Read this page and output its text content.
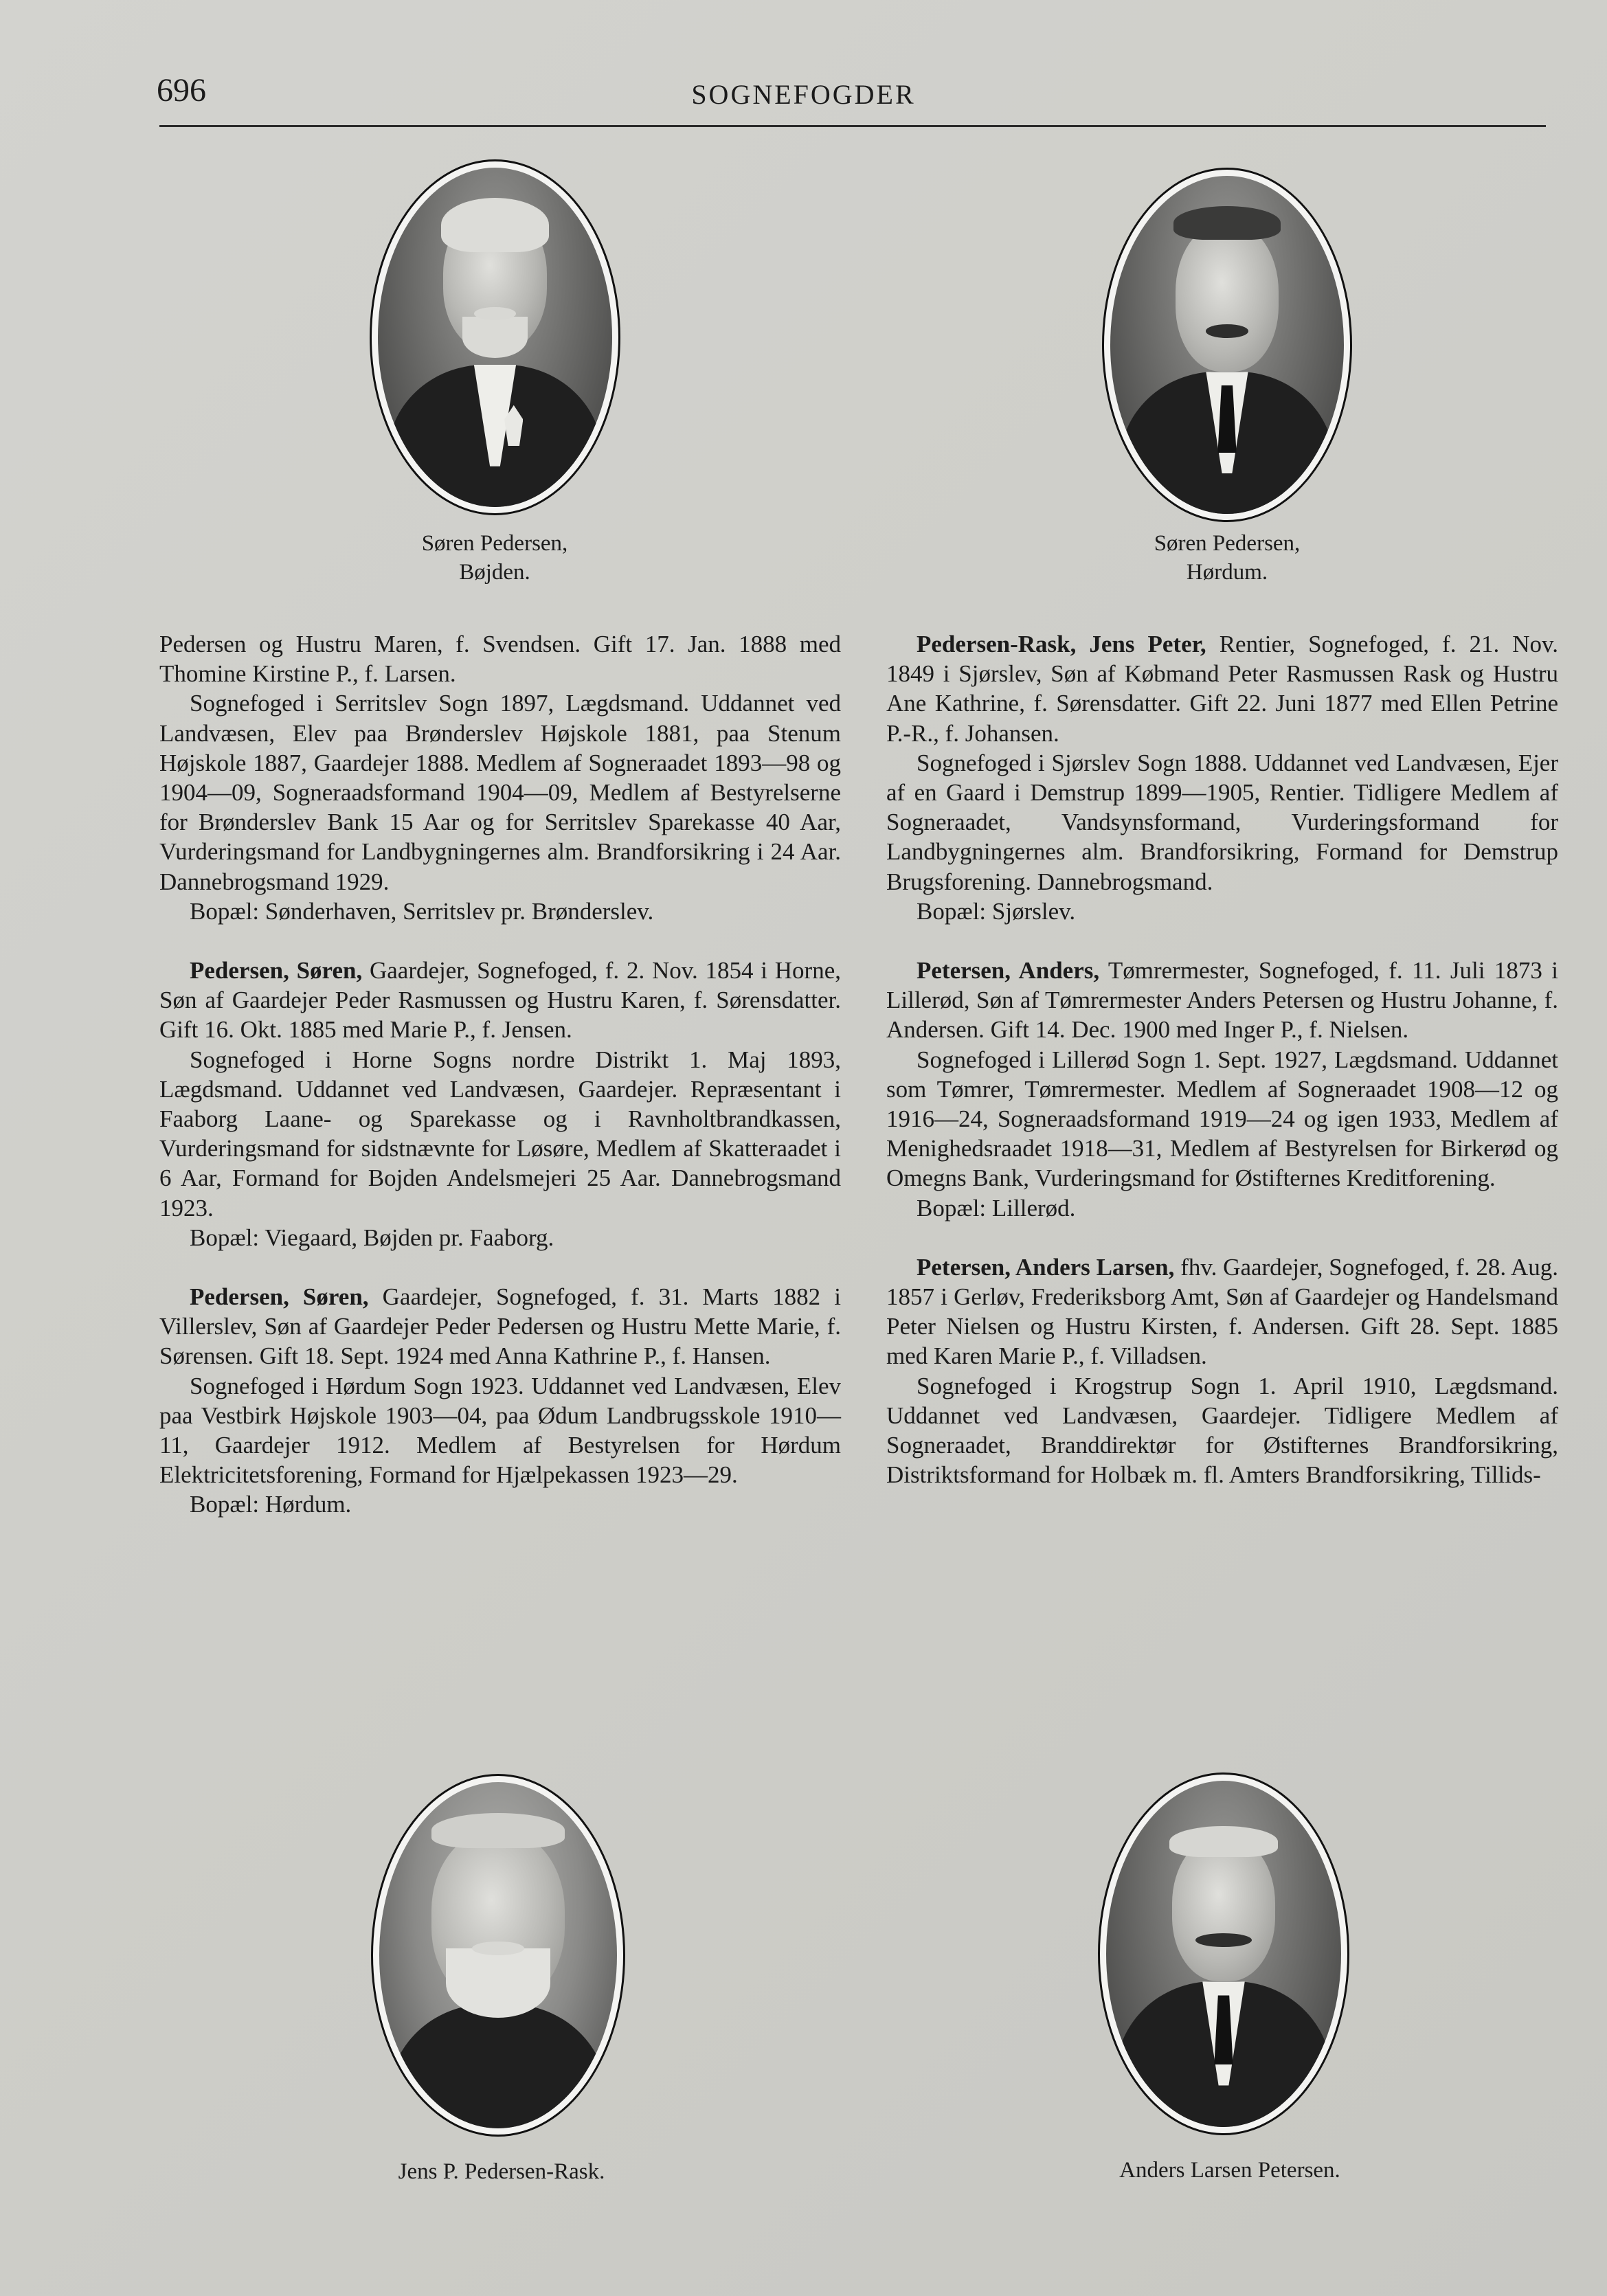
696	SOGNEFOGDER
Søren Pedersen,
Bøjden.
Søren Pedersen,
Hørdum.

Pedersen og Hustru Maren, f. Svendsen. Gift 17. Jan. 1888 med Thomine Kirstine P., f. Larsen.

Sognefoged i Serritslev Sogn 1897, Lægdsmand. Uddannet ved Landvæsen, Elev paa Brønderslev Højskole 1881, paa Stenum Højskole 1887, Gaardejer 1888. Medlem af Sogneraadet 1893—98 og 1904—09, Sogneraadsformand 1904—09, Medlem af Bestyrelserne for Brønderslev Bank 15 Aar og for Serritslev Sparekasse 40 Aar, Vurderingsmand for Landbygningernes alm. Brandforsikring i 24 Aar. Dannebrogsmand 1929.

Bopæl: Sønderhaven, Serritslev pr. Brønderslev.

Pedersen, Søren, Gaardejer, Sognefoged, f. 2. Nov. 1854 i Horne, Søn af Gaardejer Peder Rasmussen og Hustru Karen, f. Sørensdatter. Gift 16. Okt. 1885 med Marie P., f. Jensen.

Sognefoged i Horne Sogns nordre Distrikt 1. Maj 1893, Lægdsmand. Uddannet ved Landvæsen, Gaardejer. Repræsentant i Faaborg Laane- og Sparekasse og i Ravnholtbrandkassen, Vurderingsmand for sidstnævnte for Løsøre, Medlem af Skatteraadet i 6 Aar, Formand for Bojden Andelsmejeri 25 Aar. Dannebrogsmand 1923.

Bopæl: Viegaard, Bøjden pr. Faaborg.

Pedersen, Søren, Gaardejer, Sognefoged, f. 31. Marts 1882 i Villerslev, Søn af Gaardejer Peder Pedersen og Hustru Mette Marie, f. Sørensen. Gift 18. Sept. 1924 med Anna Kathrine P., f. Hansen.

Sognefoged i Hørdum Sogn 1923. Uddannet ved Landvæsen, Elev paa Vestbirk Højskole 1903—04, paa Ødum Landbrugsskole 1910—11, Gaardejer 1912. Medlem af Bestyrelsen for Hørdum Elektricitetsforening, Formand for Hjælpekassen 1923—29.

Bopæl: Hørdum.

Pedersen-Rask, Jens Peter, Rentier, Sognefoged, f. 21. Nov. 1849 i Sjørslev, Søn af Købmand Peter Rasmussen Rask og Hustru Ane Kathrine, f. Sørensdatter. Gift 22. Juni 1877 med Ellen Petrine P.-R., f. Johansen.

Sognefoged i Sjørslev Sogn 1888. Uddannet ved Landvæsen, Ejer af en Gaard i Demstrup 1899—1905, Rentier. Tidligere Medlem af Sogneraadet, Vandsynsformand, Vurderingsformand for Landbygningernes alm. Brandforsikring, Formand for Demstrup Brugsforening. Dannebrogsmand.

Bopæl: Sjørslev.

Petersen, Anders, Tømrermester, Sognefoged, f. 11. Juli 1873 i Lillerød, Søn af Tømrermester Anders Petersen og Hustru Johanne, f. Andersen. Gift 14. Dec. 1900 med Inger P., f. Nielsen.

Sognefoged i Lillerød Sogn 1. Sept. 1927, Lægdsmand. Uddannet som Tømrer, Tømrermester. Medlem af Sogneraadet 1908—12 og 1916—24, Sogneraadsformand 1919—24 og igen 1933, Medlem af Menighedsraadet 1918—31, Medlem af Bestyrelsen for Birkerød og Omegns Bank, Vurderingsmand for Østifternes Kreditforening.

Bopæl: Lillerød.

Petersen, Anders Larsen, fhv. Gaardejer, Sognefoged, f. 28. Aug. 1857 i Gerløv, Frederiksborg Amt, Søn af Gaardejer og Handelsmand Peter Nielsen og Hustru Kirsten, f. Andersen. Gift 28. Sept. 1885 med Karen Marie P., f. Villadsen.

Sognefoged i Krogstrup Sogn 1. April 1910, Lægdsmand. Uddannet ved Landvæsen, Gaardejer. Tidligere Medlem af Sogneraadet, Branddirektør for Østifternes Brandforsikring, Distriktsformand for Holbæk m. fl. Amters Brandforsikring, Tillids-

Jens P. Pedersen-Rask.	Anders Larsen Petersen.
